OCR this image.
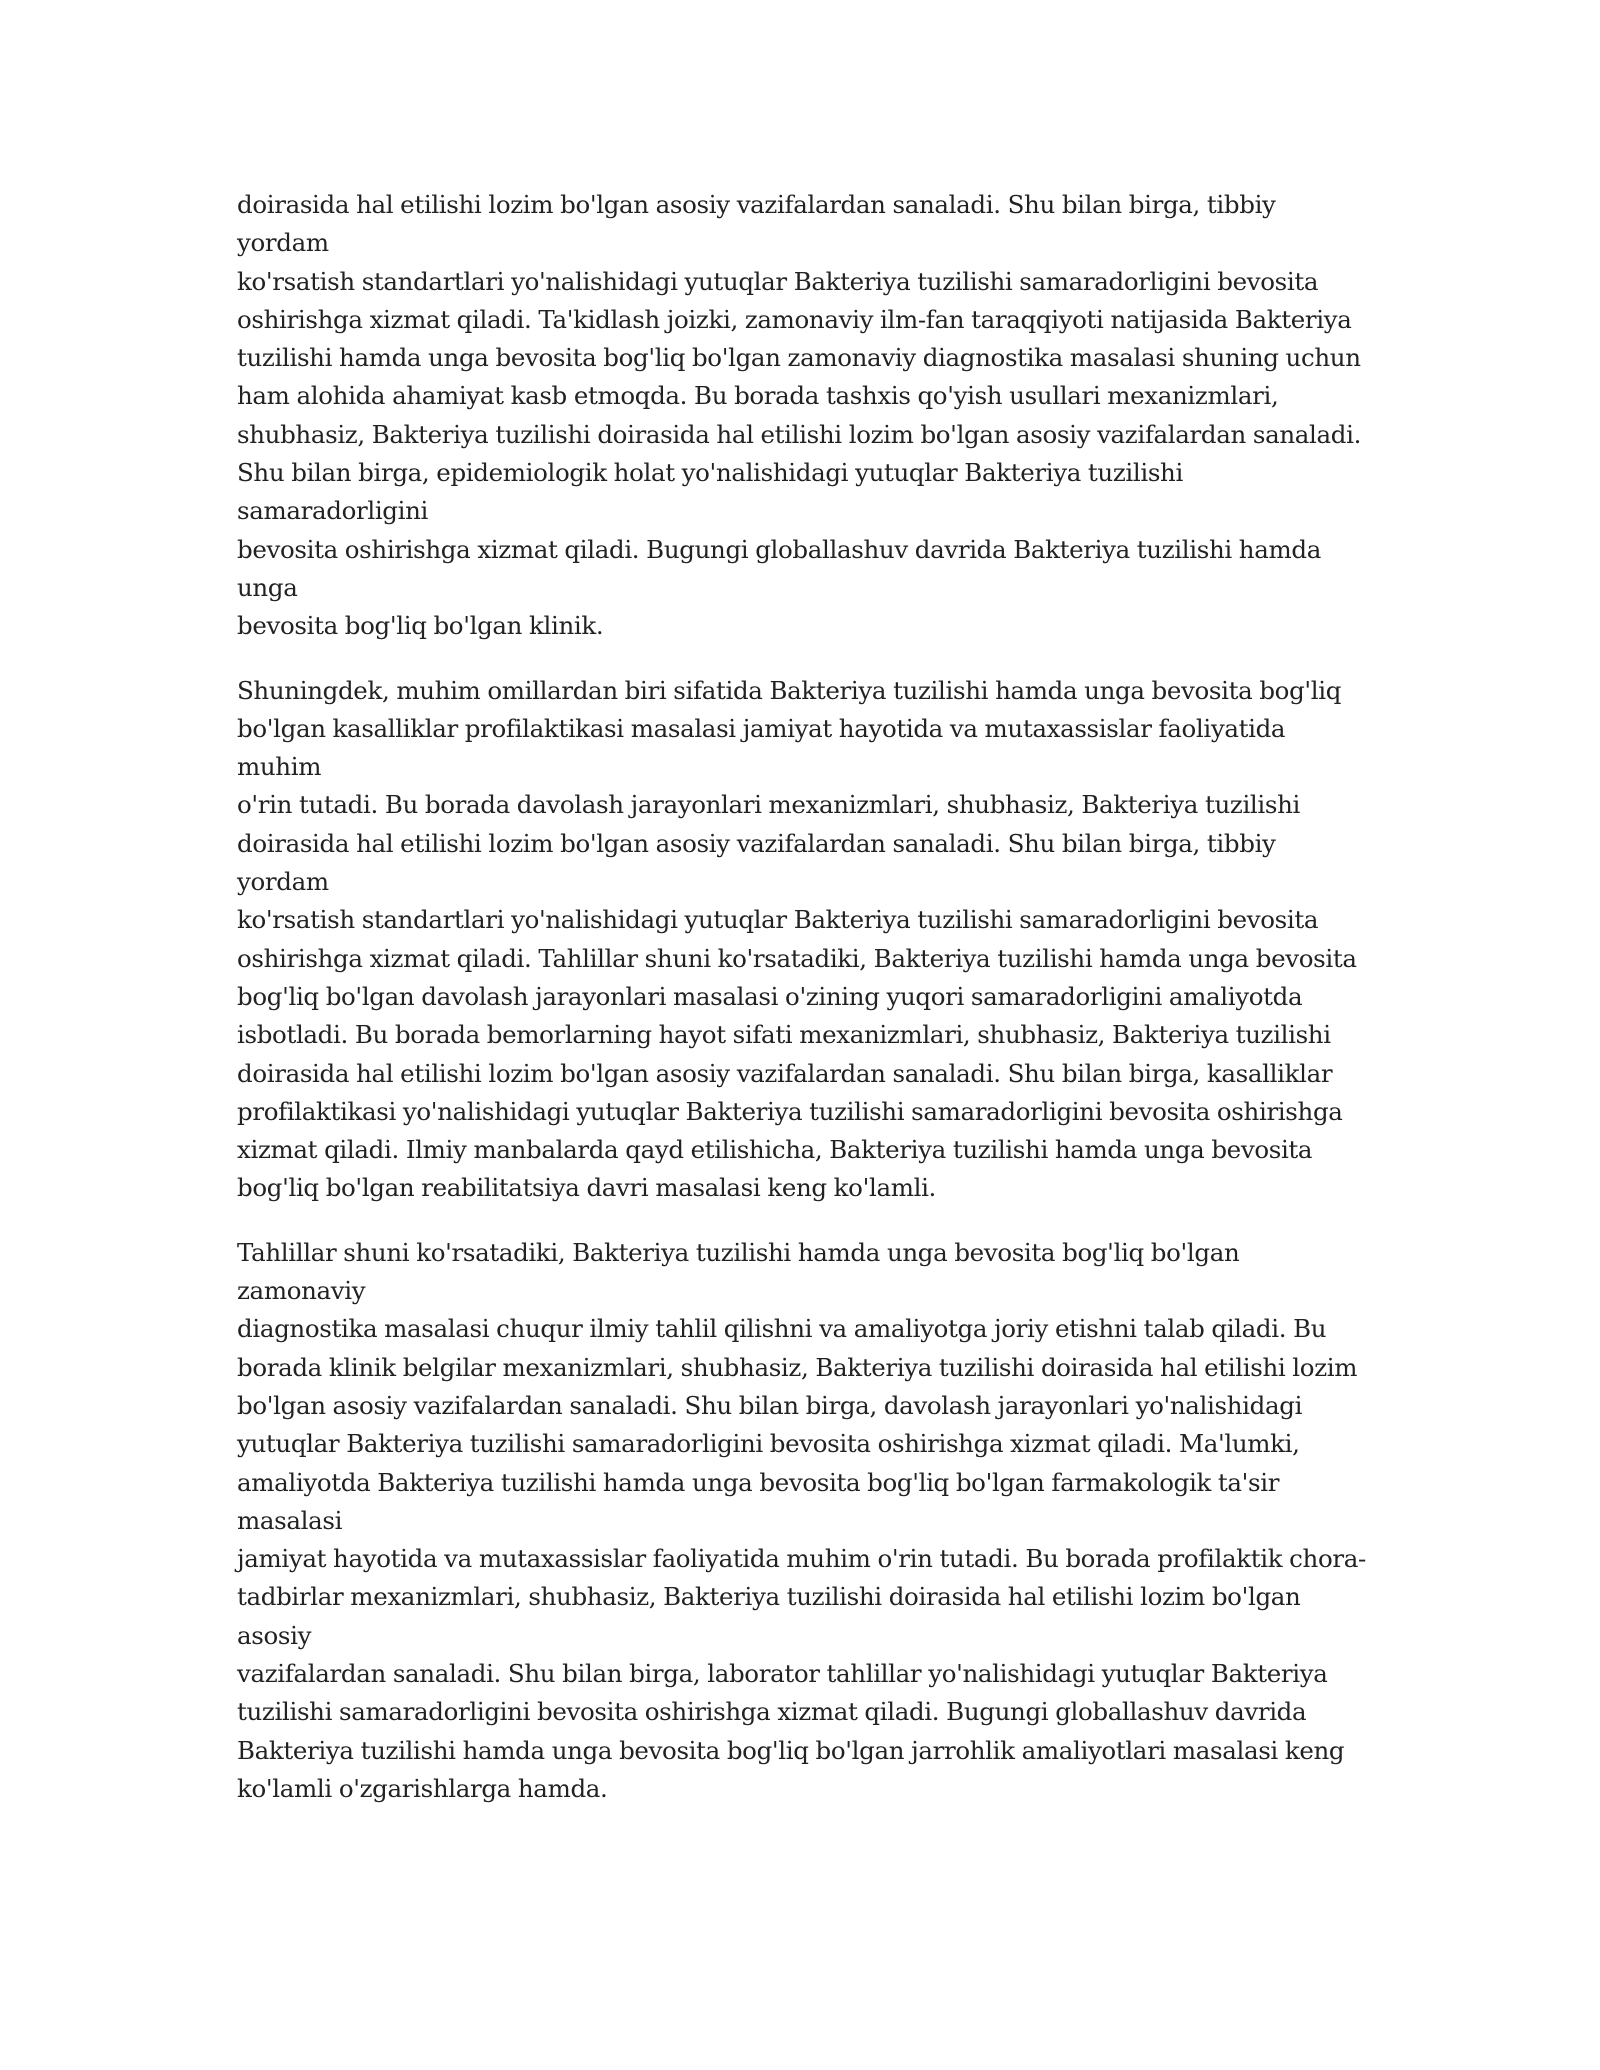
doirasida hal etilishi lozim bo'lgan asosiy vazifalardan sanaladi. Shu bilan birga, tibbiy yordam
ko'rsatish standartlari yo'nalishidagi yutuqlar Bakteriya tuzilishi samaradorligini bevosita
oshirishga xizmat qiladi. Ta'kidlash joizki, zamonaviy ilm-fan taraqqiyoti natijasida Bakteriya
tuzilishi hamda unga bevosita bog'liq bo'lgan zamonaviy diagnostika masalasi shuning uchun
ham alohida ahamiyat kasb etmoqda. Bu borada tashxis qo'yish usullari mexanizmlari,
shubhasiz, Bakteriya tuzilishi doirasida hal etilishi lozim bo'lgan asosiy vazifalardan sanaladi.
Shu bilan birga, epidemiologik holat yo'nalishidagi yutuqlar Bakteriya tuzilishi samaradorligini
bevosita oshirishga xizmat qiladi. Bugungi globallashuv davrida Bakteriya tuzilishi hamda unga
bevosita bog'liq bo'lgan klinik.

Shuningdek, muhim omillardan biri sifatida Bakteriya tuzilishi hamda unga bevosita bog'liq
bo'lgan kasalliklar profilaktikasi masalasi jamiyat hayotida va mutaxassislar faoliyatida muhim
o'rin tutadi. Bu borada davolash jarayonlari mexanizmlari, shubhasiz, Bakteriya tuzilishi
doirasida hal etilishi lozim bo'lgan asosiy vazifalardan sanaladi. Shu bilan birga, tibbiy yordam
ko'rsatish standartlari yo'nalishidagi yutuqlar Bakteriya tuzilishi samaradorligini bevosita
oshirishga xizmat qiladi. Tahlillar shuni ko'rsatadiki, Bakteriya tuzilishi hamda unga bevosita
bog'liq bo'lgan davolash jarayonlari masalasi o'zining yuqori samaradorligini amaliyotda
isbotladi. Bu borada bemorlarning hayot sifati mexanizmlari, shubhasiz, Bakteriya tuzilishi
doirasida hal etilishi lozim bo'lgan asosiy vazifalardan sanaladi. Shu bilan birga, kasalliklar
profilaktikasi yo'nalishidagi yutuqlar Bakteriya tuzilishi samaradorligini bevosita oshirishga
xizmat qiladi. Ilmiy manbalarda qayd etilishicha, Bakteriya tuzilishi hamda unga bevosita
bog'liq bo'lgan reabilitatsiya davri masalasi keng ko'lamli.

Tahlillar shuni ko'rsatadiki, Bakteriya tuzilishi hamda unga bevosita bog'liq bo'lgan zamonaviy
diagnostika masalasi chuqur ilmiy tahlil qilishni va amaliyotga joriy etishni talab qiladi. Bu
borada klinik belgilar mexanizmlari, shubhasiz, Bakteriya tuzilishi doirasida hal etilishi lozim
bo'lgan asosiy vazifalardan sanaladi. Shu bilan birga, davolash jarayonlari yo'nalishidagi
yutuqlar Bakteriya tuzilishi samaradorligini bevosita oshirishga xizmat qiladi. Ma'lumki,
amaliyotda Bakteriya tuzilishi hamda unga bevosita bog'liq bo'lgan farmakologik ta'sir masalasi
jamiyat hayotida va mutaxassislar faoliyatida muhim o'rin tutadi. Bu borada profilaktik chora-
tadbirlar mexanizmlari, shubhasiz, Bakteriya tuzilishi doirasida hal etilishi lozim bo'lgan asosiy
vazifalardan sanaladi. Shu bilan birga, laborator tahlillar yo'nalishidagi yutuqlar Bakteriya
tuzilishi samaradorligini bevosita oshirishga xizmat qiladi. Bugungi globallashuv davrida
Bakteriya tuzilishi hamda unga bevosita bog'liq bo'lgan jarrohlik amaliyotlari masalasi keng
ko'lamli o'zgarishlarga hamda.
